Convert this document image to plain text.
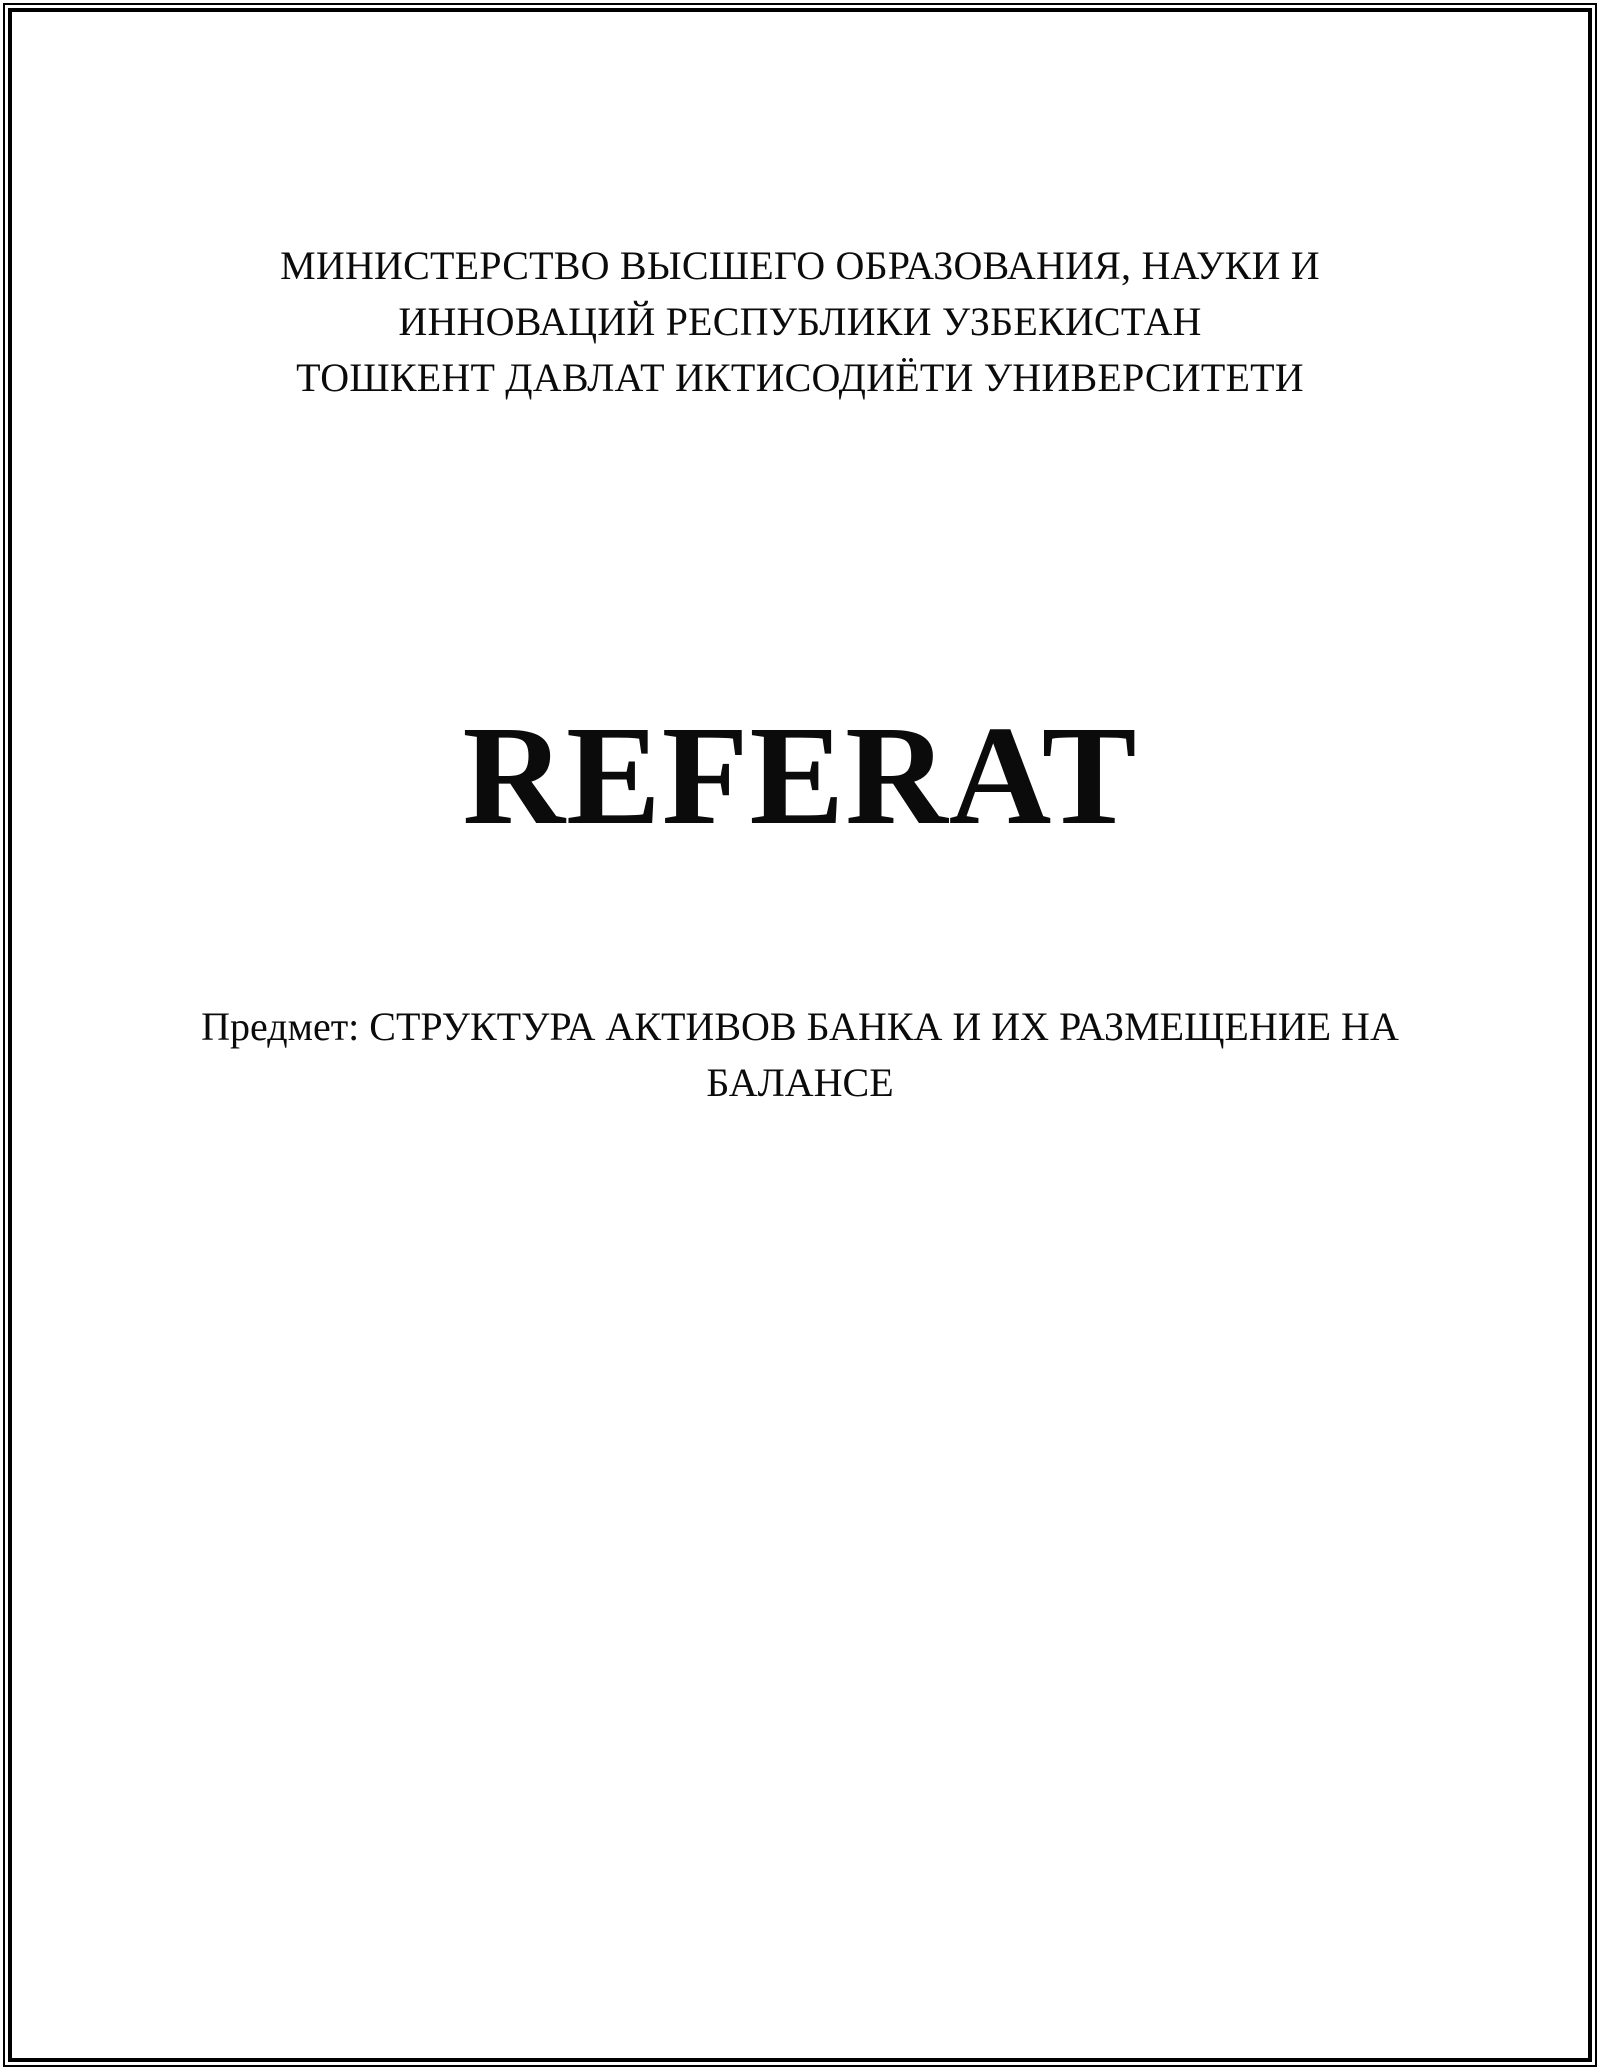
МИНИСТЕРСТВО ВЫСШЕГО ОБРАЗОВАНИЯ, НАУКИ И
ИННОВАЦИЙ РЕСПУБЛИКИ УЗБЕКИСТАН
ТОШКЕНТ ДАВЛАТ ИКТИСОДИЁТИ УНИВЕРСИТЕТИ
REFERAT

Предмет: СТРУКТУРА АКТИВОВ БАНКА И ИХ РАЗМЕЩЕНИЕ НА
БАЛАНСЕ
